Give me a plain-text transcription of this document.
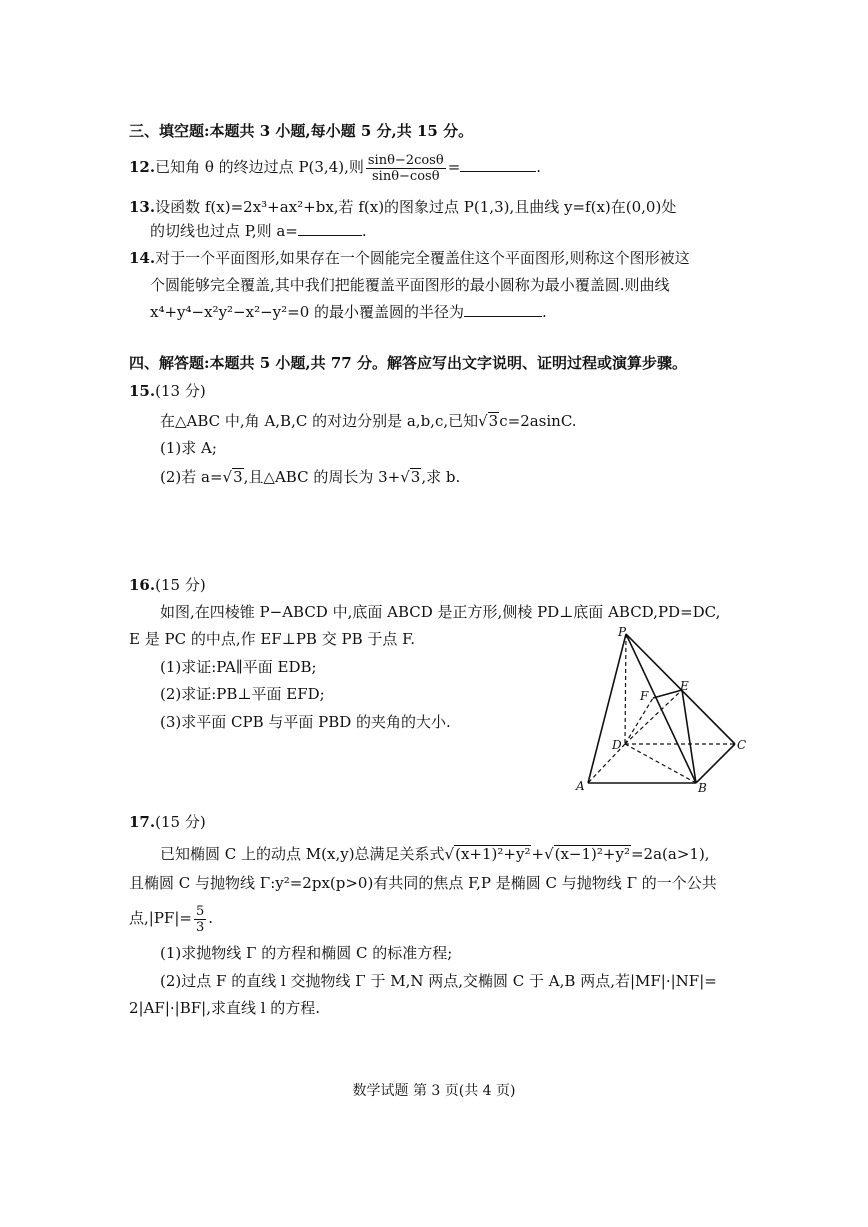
三、填空题:本题共 3 小题,每小题 5 分,共 15 分。
12.已知角 θ 的终边过点 P(3,4),则 $\frac{\sin\theta-2\cos\theta}{\sin\theta-\cos\theta}$ =	.
13.设函数 f(x)=2x³+ax²+bx,若 f(x)的图象过点 P(1,3),且曲线 y=f(x)在(0,0)处
的切线也过点 P,则 a=	.
14.对于一个平面图形,如果存在一个圆能完全覆盖住这个平面图形,则称这个图形被这
个圆能够完全覆盖,其中我们把能覆盖平面图形的最小圆称为最小覆盖圆.则曲线
x⁴+y⁴−x²y²−x²−y²=0 的最小覆盖圆的半径为	.
四、解答题:本题共 5 小题,共 77 分。解答应写出文字说明、证明过程或演算步骤。
15.(13 分)
在△ABC 中,角 A,B,C 的对边分别是 a,b,c,已知√3c=2asinC.
(1)求 A;
(2)若 a=√3,且△ABC 的周长为 3+√3,求 b.
16.(15 分)
如图,在四棱锥 P−ABCD 中,底面 ABCD 是正方形,侧棱 PD⊥底面 ABCD,PD=DC,
E 是 PC 的中点,作 EF⊥PB 交 PB 于点 F.
(1)求证:PA∥平面 EDB;
(2)求证:PB⊥平面 EFD;
(3)求平面 CPB 与平面 PBD 的夹角的大小.
P
F
E
D	C
A	B
17.(15 分)
已知椭圆 C 上的动点 M(x,y)总满足关系式√(x+1)²+y²+√(x−1)²+y²=2a(a>1),
且椭圆 C 与抛物线 Γ:y²=2px(p>0)有共同的焦点 F,P 是椭圆 C 与抛物线 Γ 的一个公共
点$,|PF|= \frac{5}{3}$ .
(1)求抛物线 Γ 的方程和椭圆 C 的标准方程;
(2)过点 F 的直线 l 交抛物线 Γ 于 M,N 两点,交椭圆 C 于 A,B 两点,若|MF|·|NF|=
2|AF|·|BF|,求直线 l 的方程.
数学试题 第 3 页(共 4 页)
